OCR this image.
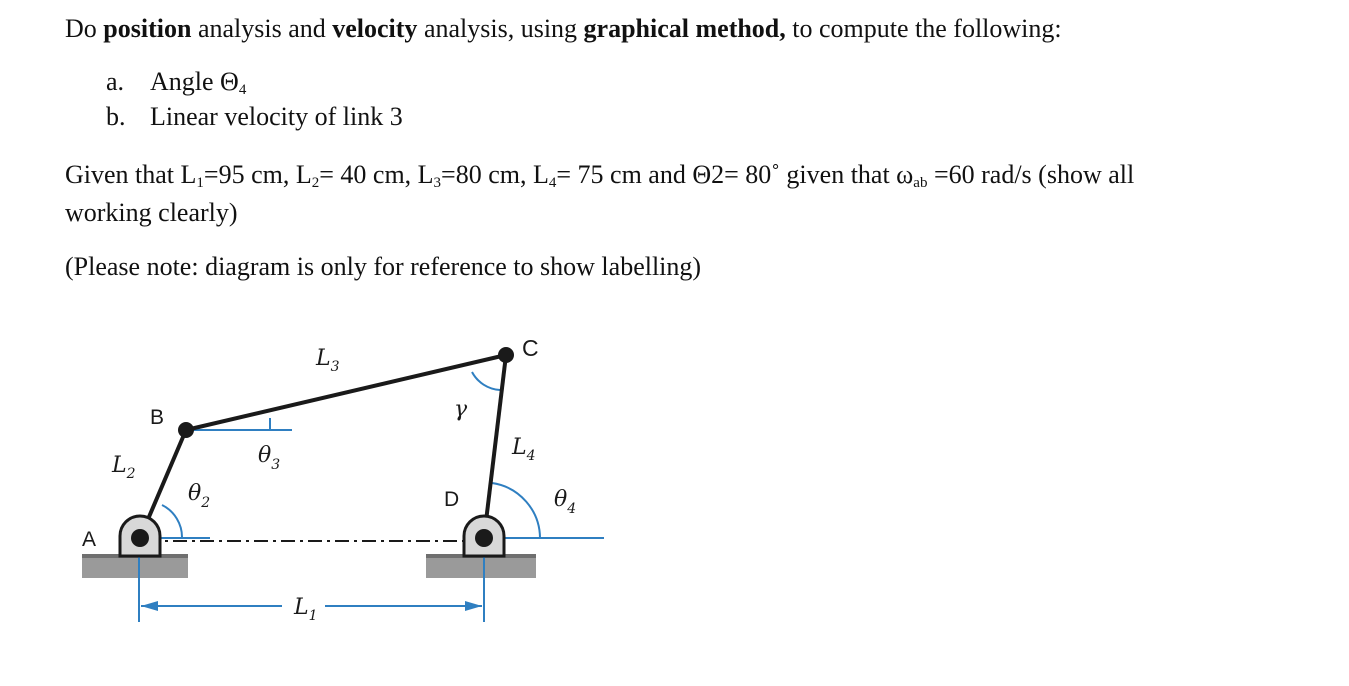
Do position analysis and velocity analysis, using graphical method, to compute the following:
a. Angle $\Theta_4$
b. Linear velocity of link 3
Given that $L_1=95$ cm, $L_2= 40$ cm, $L_3=80$ cm, $L_4= 75$ cm and Θ2= 80˚ given that $\omega_{ab} =60$ rad/s (show all
working clearly)
(Please note: diagram is only for reference to show labelling)
A
B
C
D
$L_2$
$L_3$
$L_4$
$L_1$
$\theta_2$
$\theta_3$
$\theta_4$
γ
